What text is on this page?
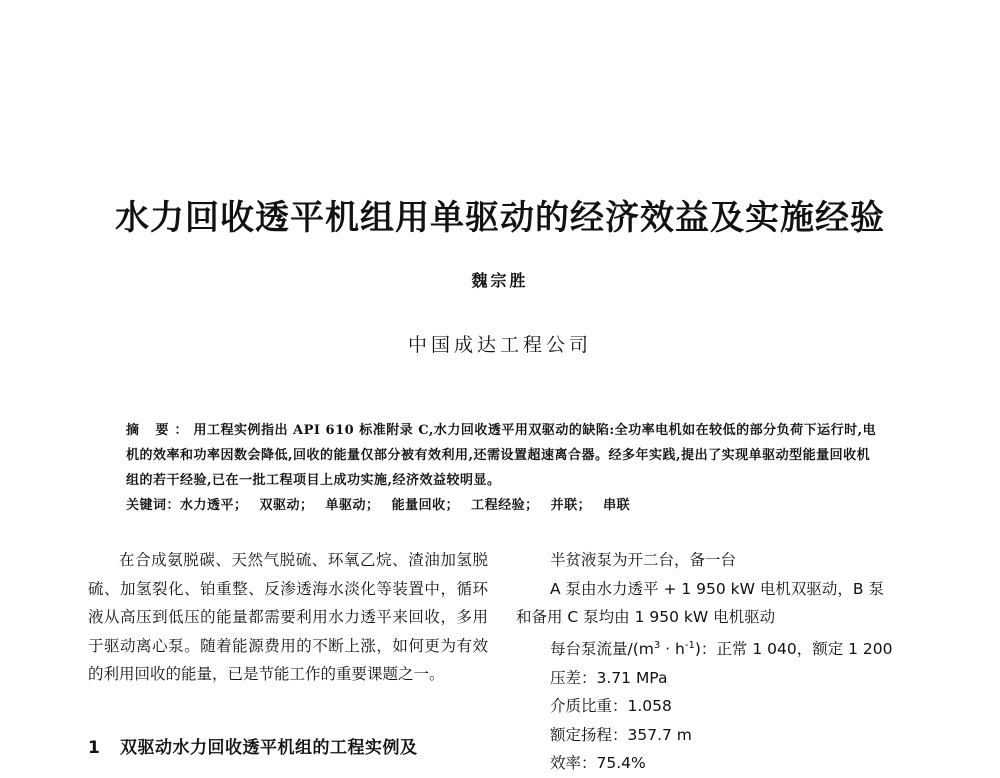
水力回收透平机组用单驱动的经济效益及实施经验
魏宗胜
中国成达工程公司

摘 要：用工程实例指出 API 610 标准附录 C,水力回收透平用双驱动的缺陷:全功率电机如在较低的部分负荷下运行时,电机的效率和功率因数会降低,回收的能量仅部分被有效利用,还需设置超速离合器。经多年实践,提出了实现单驱动型能量回收机组的若干经验,已在一批工程项目上成功实施,经济效益较明显。

关键词：水力透平； 双驱动； 单驱动； 能量回收； 工程经验； 并联； 串联

在合成氨脱碳、天然气脱硫、环氧乙烷、渣油加氢脱硫、加氢裂化、铂重整、反渗透海水淡化等装置中，循环液从高压到低压的能量都需要利用水力透平来回收，多用于驱动离心泵。随着能源费用的不断上涨，如何更为有效的利用回收的能量，已是节能工作的重要课题之一。

1 双驱动水力回收透平机组的工程实例及
半贫液泵为开二台，备一台
A 泵由水力透平 + 1 950 kW 电机双驱动，B 泵
和备用 C 泵均由 1 950 kW 电机驱动
每台泵流量$/(m^3 \cdot h^{-1})$：正常 1 040，额定 1 200
压差：3.71 MPa
介质比重：1.058
额定扬程：357.7 m
效率：75.4%
